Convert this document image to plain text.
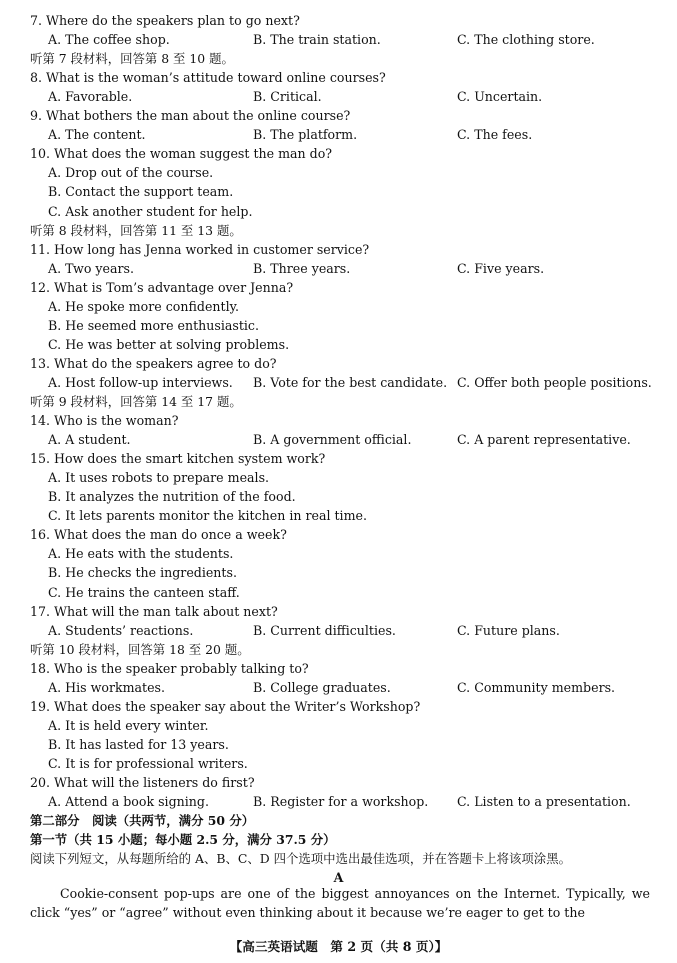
7. Where do the speakers plan to go next?
A. The coffee shop.	B. The train station.	C. The clothing store.
听第 7 段材料，回答第 8 至 10 题。
8. What is the woman’s attitude toward online courses?
A. Favorable.	B. Critical.	C. Uncertain.
9. What bothers the man about the online course?
A. The content.	B. The platform.	C. The fees.
10. What does the woman suggest the man do?
A. Drop out of the course.
B. Contact the support team.
C. Ask another student for help.
听第 8 段材料，回答第 11 至 13 题。
11. How long has Jenna worked in customer service?
A. Two years.	B. Three years.	C. Five years.
12. What is Tom’s advantage over Jenna?
A. He spoke more confidently.
B. He seemed more enthusiastic.
C. He was better at solving problems.
13. What do the speakers agree to do?
A. Host follow-up interviews. B. Vote for the best candidate. C. Offer both people positions.
听第 9 段材料，回答第 14 至 17 题。
14. Who is the woman?
A. A student.	B. A government official.	C. A parent representative.
15. How does the smart kitchen system work?
A. It uses robots to prepare meals.
B. It analyzes the nutrition of the food.
C. It lets parents monitor the kitchen in real time.
16. What does the man do once a week?
A. He eats with the students.
B. He checks the ingredients.
C. He trains the canteen staff.
17. What will the man talk about next?
A. Students’ reactions.	B. Current difficulties.	C. Future plans.
听第 10 段材料，回答第 18 至 20 题。
18. Who is the speaker probably talking to?
A. His workmates.	B. College graduates.	C. Community members.
19. What does the speaker say about the Writer’s Workshop?
A. It is held every winter.
B. It has lasted for 13 years.
C. It is for professional writers.
20. What will the listeners do first?
A. Attend a book signing.	B. Register for a workshop. C. Listen to a presentation.
第二部分　阅读（共两节，满分 50 分）
第一节（共 15 小题；每小题 2.5 分，满分 37.5 分）
阅读下列短文，从每题所给的 A、B、C、D 四个选项中选出最佳选项，并在答题卡上将该项涂黑。
A
Cookie-consent pop-ups are one of the biggest annoyances on the Internet. Typically, we click “yes” or “agree” without even thinking about it because we’re eager to get to the
【高三英语试题　第 2 页（共 8 页）】
